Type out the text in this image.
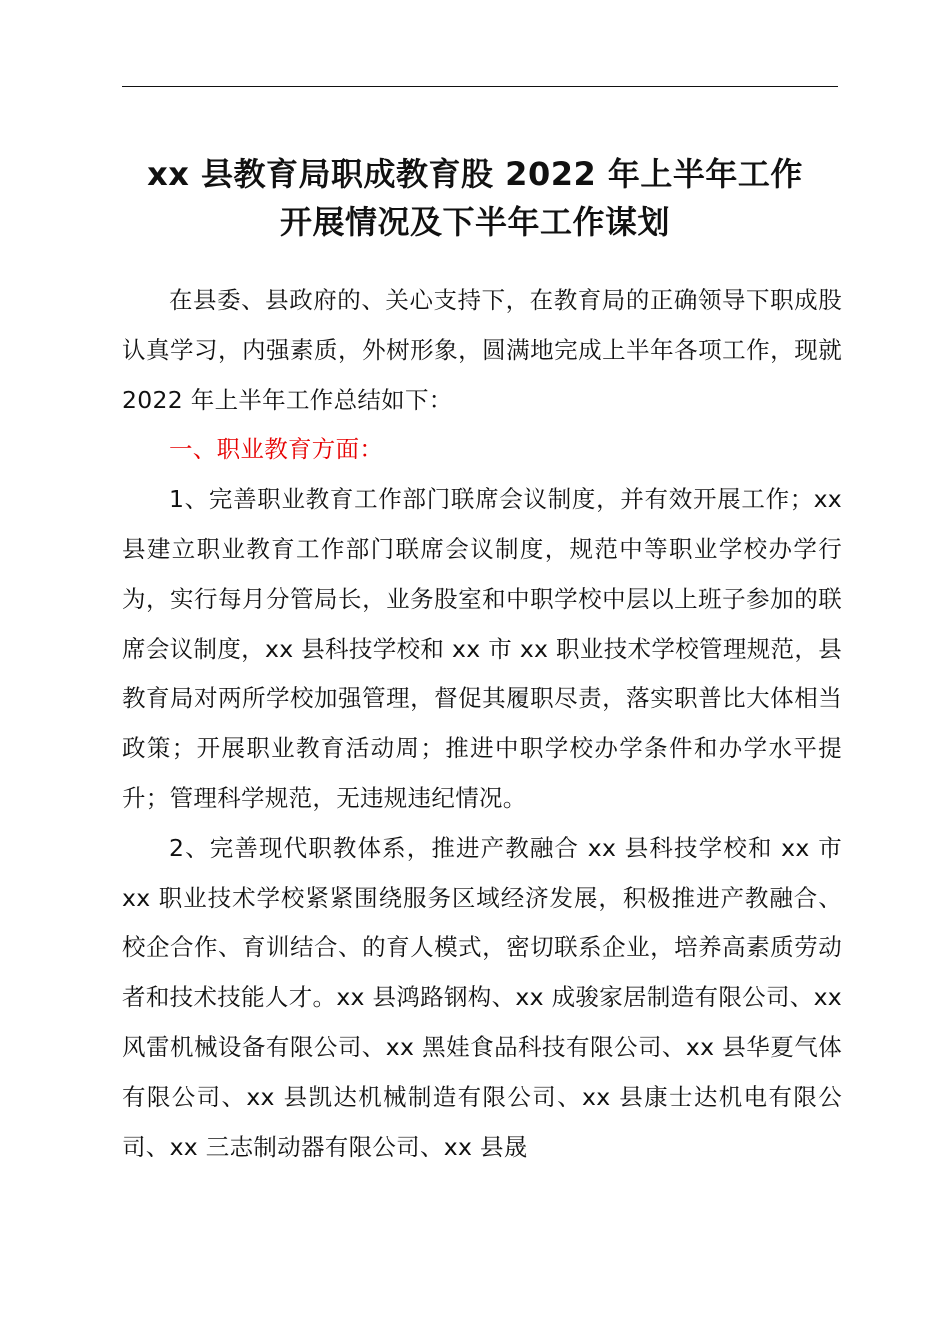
xx 县教育局职成教育股 2022 年上半年工作
开展情况及下半年工作谋划

在县委、县政府的、关心支持下，在教育局的正确领导下职成股认真学习，内强素质，外树形象，圆满地完成上半年各项工作，现就 2022 年上半年工作总结如下：

一、职业教育方面：

1、完善职业教育工作部门联席会议制度，并有效开展工作；xx 县建立职业教育工作部门联席会议制度，规范中等职业学校办学行为，实行每月分管局长，业务股室和中职学校中层以上班子参加的联席会议制度，xx 县科技学校和 xx 市 xx 职业技术学校管理规范，县教育局对两所学校加强管理，督促其履职尽责，落实职普比大体相当政策；开展职业教育活动周；推进中职学校办学条件和办学水平提升；管理科学规范，无违规违纪情况。

2、完善现代职教体系，推进产教融合 xx 县科技学校和 xx 市 xx 职业技术学校紧紧围绕服务区域经济发展，积极推进产教融合、校企合作、育训结合、的育人模式，密切联系企业，培养高素质劳动者和技术技能人才。xx 县鸿路钢构、xx 成骏家居制造有限公司、xx 风雷机械设备有限公司、xx 黑娃食品科技有限公司、xx 县华夏气体有限公司、xx 县凯达机械制造有限公司、xx 县康士达机电有限公司、xx 三志制动器有限公司、xx 县晟
